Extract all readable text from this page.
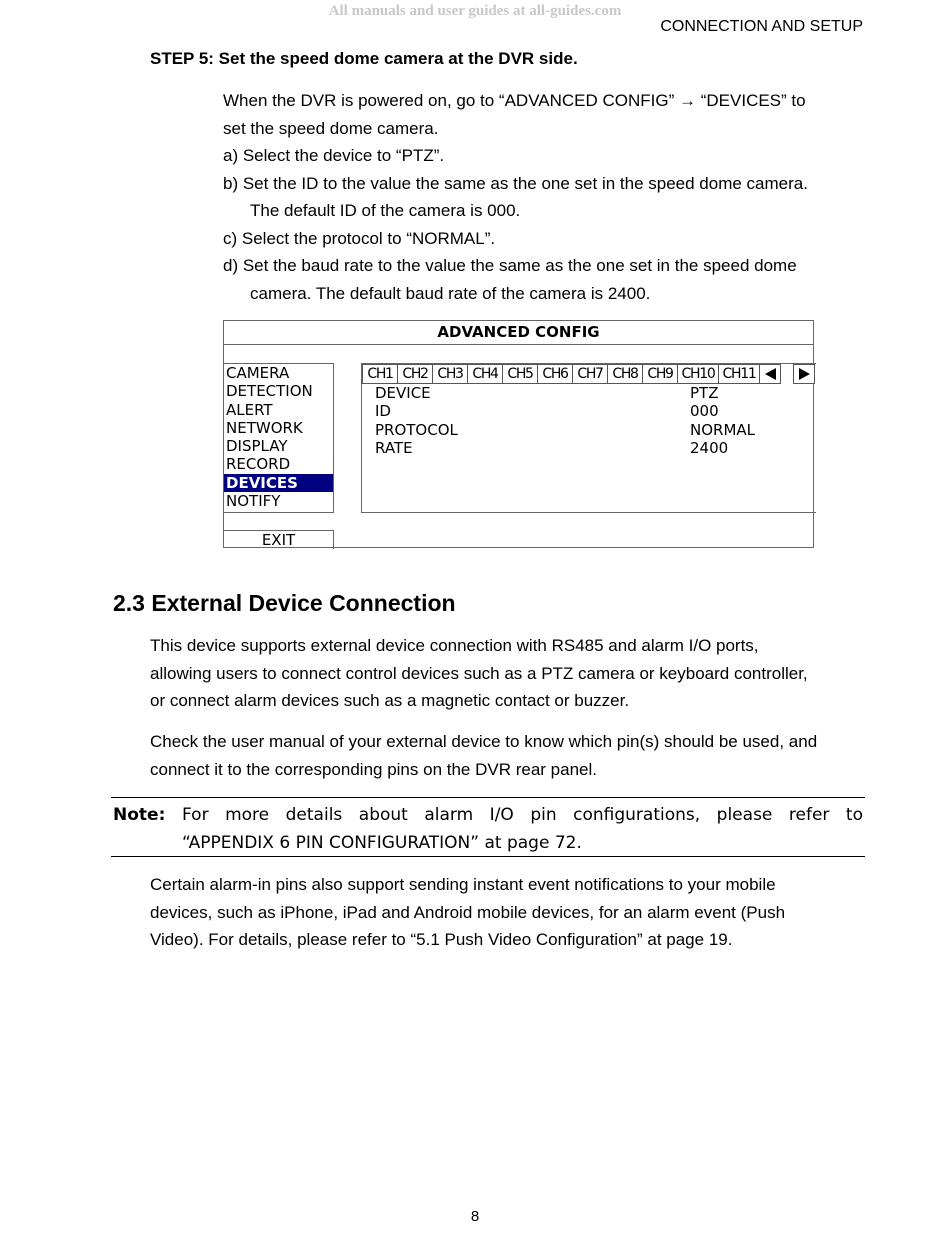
All manuals and user guides at all-guides.com
CONNECTION AND SETUP
STEP 5: Set the speed dome camera at the DVR side.
When the DVR is powered on, go to “ADVANCED CONFIG” → “DEVICES” to
set the speed dome camera.
a) Select the device to “PTZ”.
b) Set the ID to the value the same as the one set in the speed dome camera.
The default ID of the camera is 000.
c) Select the protocol to “NORMAL”.
d) Set the baud rate to the value the same as the one set in the speed dome
camera. The default baud rate of the camera is 2400.
ADVANCED CONFIG
CAMERA
DETECTION
ALERT
NETWORK
DISPLAY
RECORD
DEVICES
NOTIFY
CH1 CH2 CH3 CH4 CH5 CH6 CH7 CH8 CH9 CH10 CH11
DEVICE	PTZ
ID	000
PROTOCOL	NORMAL
RATE	2400
EXIT
2.3 External Device Connection
This device supports external device connection with RS485 and alarm I/O ports,
allowing users to connect control devices such as a PTZ camera or keyboard controller,
or connect alarm devices such as a magnetic contact or buzzer.
Check the user manual of your external device to know which pin(s) should be used, and
connect it to the corresponding pins on the DVR rear panel.
Note: For more details about alarm I/O pin configurations, please refer to
“APPENDIX 6 PIN CONFIGURATION” at page 72.
Certain alarm-in pins also support sending instant event notifications to your mobile
devices, such as iPhone, iPad and Android mobile devices, for an alarm event (Push
Video). For details, please refer to “5.1 Push Video Configuration” at page 19.
8
